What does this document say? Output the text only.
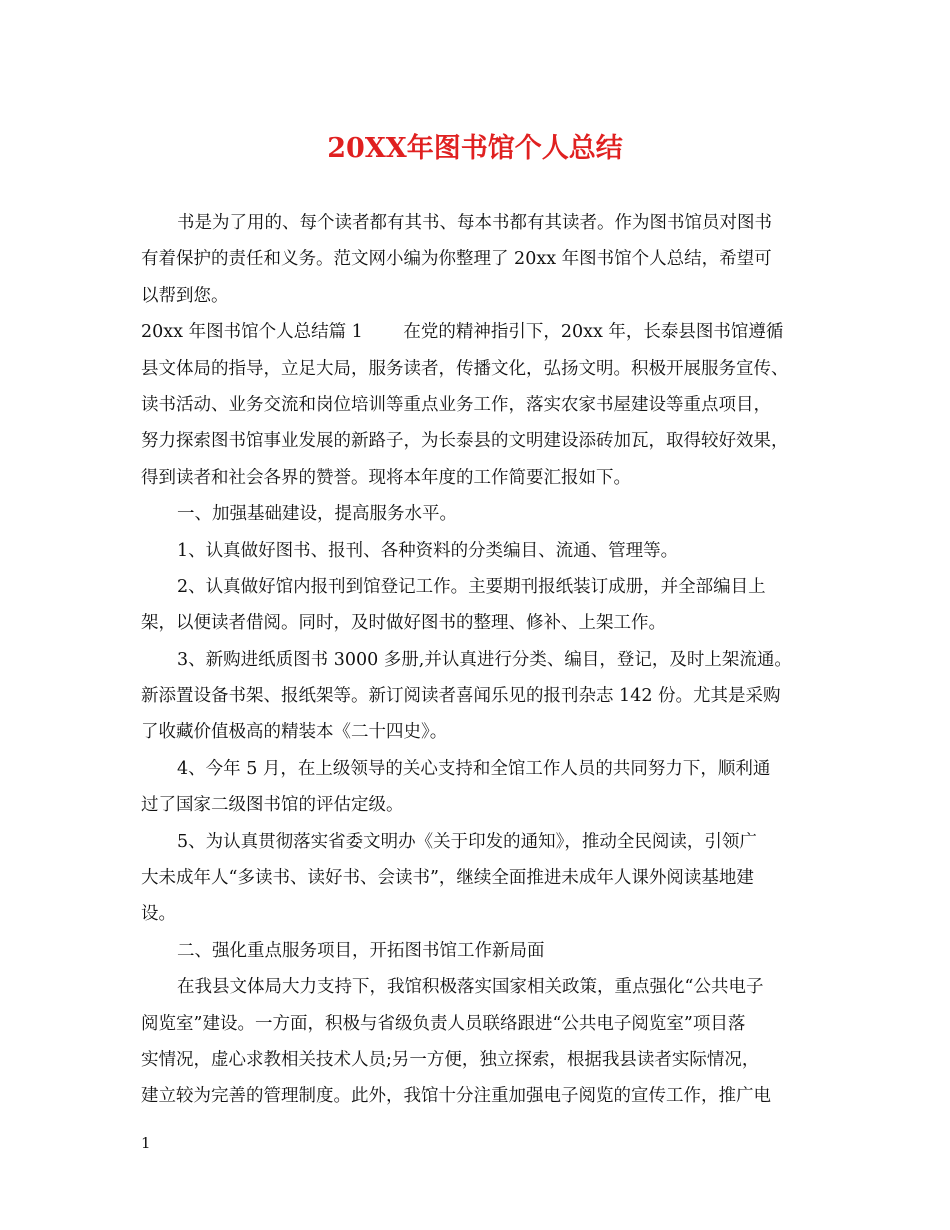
20XX年图书馆个人总结
书是为了用的、每个读者都有其书、每本书都有其读者。作为图书馆员对图书
有着保护的责任和义务。范文网小编为你整理了 20xx 年图书馆个人总结，希望可
以帮到您。
20xx 年图书馆个人总结篇 1　　 在党的精神指引下，20xx 年，长泰县图书馆遵循
县文体局的指导，立足大局，服务读者，传播文化，弘扬文明。积极开展服务宣传、
读书活动、业务交流和岗位培训等重点业务工作，落实农家书屋建设等重点项目，
努力探索图书馆事业发展的新路子，为长泰县的文明建设添砖加瓦，取得较好效果，
得到读者和社会各界的赞誉。现将本年度的工作简要汇报如下。
一、加强基础建设，提高服务水平。
1、认真做好图书、报刊、各种资料的分类编目、流通、管理等。
2、认真做好馆内报刊到馆登记工作。主要期刊报纸装订成册，并全部编目上
架，以便读者借阅。同时，及时做好图书的整理、修补、上架工作。
3、新购进纸质图书 3000 多册,并认真进行分类、编目，登记，及时上架流通。
新添置设备书架、报纸架等。新订阅读者喜闻乐见的报刊杂志 142 份。尤其是采购
了收藏价值极高的精装本《二十四史》。
4、今年 5 月，在上级领导的关心支持和全馆工作人员的共同努力下，顺利通
过了国家二级图书馆的评估定级。
5、为认真贯彻落实省委文明办《关于印发的通知》，推动全民阅读，引领广
大未成年人“多读书、读好书、会读书”，继续全面推进未成年人课外阅读基地建
设。
二、强化重点服务项目，开拓图书馆工作新局面
在我县文体局大力支持下，我馆积极落实国家相关政策，重点强化“公共电子
阅览室”建设。一方面，积极与省级负责人员联络跟进“公共电子阅览室”项目落
实情况，虚心求教相关技术人员;另一方便，独立探索，根据我县读者实际情况，
建立较为完善的管理制度。此外，我馆十分注重加强电子阅览的宣传工作，推广电
1
